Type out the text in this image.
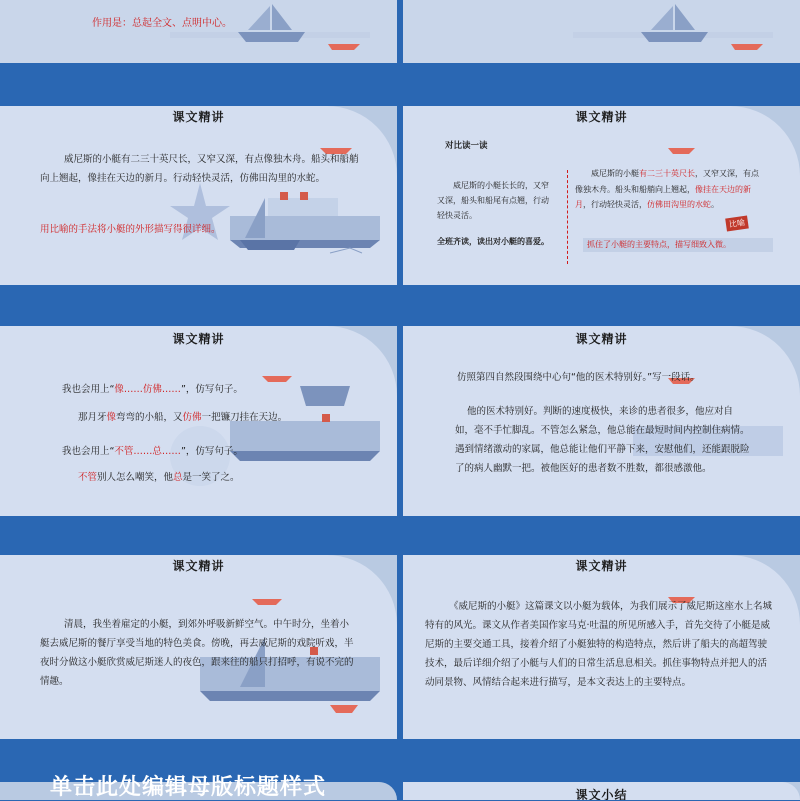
作用是：总起全文、点明中心。
课文精讲
威尼斯的小艇有二三十英尺长，又窄又深，有点像独木舟。船头和船艄向上翘起，像挂在天边的新月。行动轻快灵活，仿佛田沟里的水蛇。
用比喻的手法将小艇的外形描写得很详细。
课文精讲
对比读一读
威尼斯的小艇长长的，又窄又深，船头和船尾有点翘，行动轻快灵活。
全班齐读，读出对小艇的喜爱。
威尼斯的小艇有二三十英尺长，又窄又深，有点像独木舟。船头和船艄向上翘起，像挂在天边的新月，行动轻快灵活，仿佛田沟里的水蛇。
比喻
抓住了小艇的主要特点，描写细致入微。
课文精讲
我也会用上“像……仿佛……”，仿写句子。
那月牙像弯弯的小船，又仿佛一把镰刀挂在天边。
我也会用上“不管……总……”，仿写句子。
不管别人怎么嘲笑，他总是一笑了之。
课文精讲
仿照第四自然段围绕中心句“他的医术特别好。”写一段话。
他的医术特别好。判断的速度极快，来诊的患者很多，他应对自如，毫不手忙脚乱。不管怎么紧急，他总能在最短时间内控制住病情。遇到情绪激动的家属，他总能让他们平静下来，安慰他们，还能跟脱险了的病人幽默一把。被他医好的患者数不胜数，都很感激他。
课文精讲
清晨，我坐着雇定的小艇，到郊外呼吸新鲜空气。中午时分，坐着小艇去威尼斯的餐厅享受当地的特色美食。傍晚，再去威尼斯的戏院听戏，半夜时分做这小艇欣赏威尼斯迷人的夜色，跟来往的船只打招呼，有说不完的情趣。
课文精讲
《威尼斯的小艇》这篇课文以小艇为载体，为我们展示了威尼斯这座水上名城特有的风光。课文从作者美国作家马克·吐温的所见所感入手，首先交待了小艇是威尼斯的主要交通工具，接着介绍了小艇独特的构造特点，然后讲了船夫的高超驾驶技术，最后详细介绍了小艇与人们的日常生活息息相关。抓住事物特点并把人的活动同景物、风情结合起来进行描写，是本文表达上的主要特点。
单击此处编辑母版标题样式	课文小结
